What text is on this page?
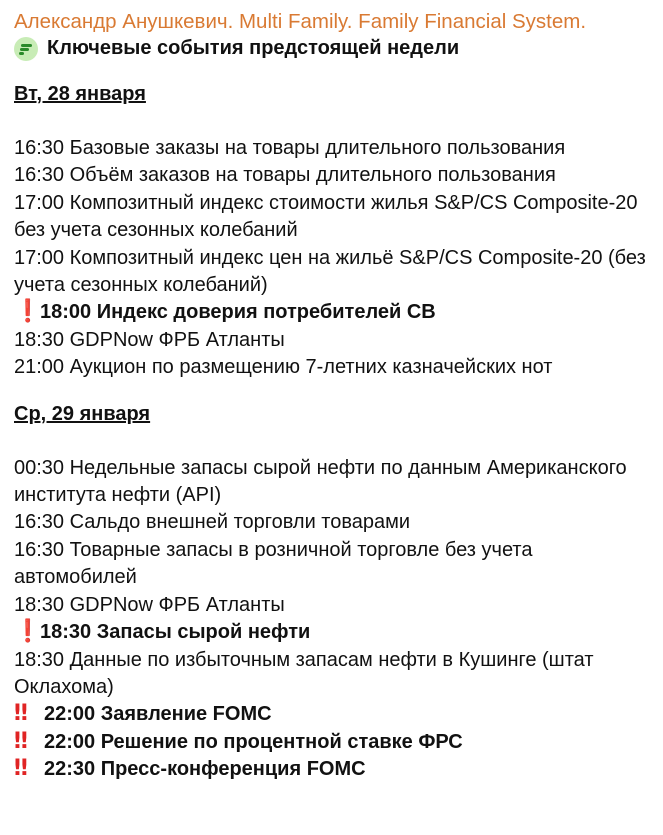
Александр Анушкевич. Multi Family. Family Financial System.
Ключевые события предстоящей недели
Вт, 28 января
16:30 Базовые заказы на товары длительного пользования
16:30 Объём заказов на товары длительного пользования
17:00 Композитный индекс стоимости жилья S&P/CS Composite-20 без учета сезонных колебаний
17:00 Композитный индекс цен на жильё S&P/CS Composite-20 (без учета сезонных колебаний)
❗18:00 Индекс доверия потребителей CB
18:30 GDPNow ФРБ Атланты
21:00 Аукцион по размещению 7-летних казначейских нот
Ср, 29 января
00:30 Недельные запасы сырой нефти по данным Американского института нефти (API)
16:30 Сальдо внешней торговли товарами
16:30 Товарные запасы в розничной торговле без учета автомобилей
18:30 GDPNow ФРБ Атланты
❗18:30 Запасы сырой нефти
18:30 Данные по избыточным запасам нефти в Кушинге (штат Оклахома)
‼ 22:00 Заявление FOMC
‼ 22:00 Решение по процентной ставке ФРС
‼ 22:30 Пресс-конференция FOMC
